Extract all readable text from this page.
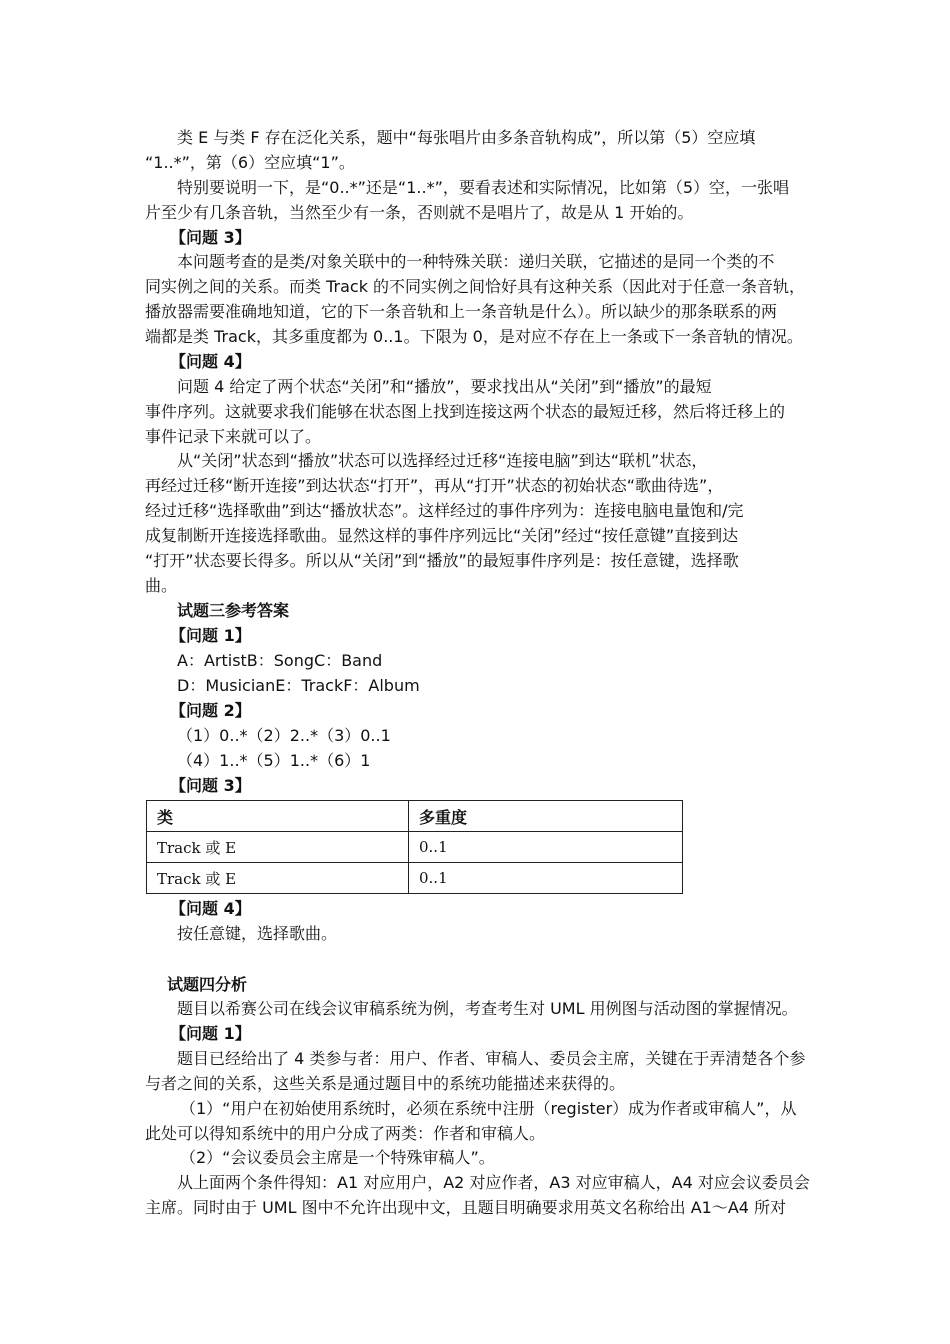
类 E 与类 F 存在泛化关系，题中“每张唱片由多条音轨构成”，所以第（5）空应填
“1..*”，第（6）空应填“1”。
特别要说明一下，是“0..*”还是“1..*”，要看表述和实际情况，比如第（5）空，一张唱
片至少有几条音轨，当然至少有一条，否则就不是唱片了，故是从 1 开始的。
【问题 3】
本问题考查的是类/对象关联中的一种特殊关联：递归关联，它描述的是同一个类的不
同实例之间的关系。而类 Track 的不同实例之间恰好具有这种关系（因此对于任意一条音轨，
播放器需要准确地知道，它的下一条音轨和上一条音轨是什么）。所以缺少的那条联系的两
端都是类 Track，其多重度都为 0..1。下限为 0，是对应不存在上一条或下一条音轨的情况。
【问题 4】
问题 4 给定了两个状态“关闭”和“播放”，要求找出从“关闭”到“播放”的最短
事件序列。这就要求我们能够在状态图上找到连接这两个状态的最短迁移，然后将迁移上的
事件记录下来就可以了。
从“关闭”状态到“播放”状态可以选择经过迁移“连接电脑”到达“联机”状态，
再经过迁移“断开连接”到达状态“打开”，再从“打开”状态的初始状态“歌曲待选”，
经过迁移“选择歌曲”到达“播放状态”。这样经过的事件序列为：连接电脑电量饱和/完
成复制断开连接选择歌曲。显然这样的事件序列远比“关闭”经过“按任意键”直接到达
“打开”状态要长得多。所以从“关闭”到“播放”的最短事件序列是：按任意键，选择歌
曲。
试题三参考答案
【问题 1】
A：ArtistB：SongC：Band
D：MusicianE：TrackF：Album
【问题 2】
（1）0..*（2）2..*（3）0..1
（4）1..*（5）1..*（6）1
【问题 3】
类	多重度
Track 或 E	0..1
Track 或 E	0..1
【问题 4】
按任意键，选择歌曲。
试题四分析
题目以希赛公司在线会议审稿系统为例，考查考生对 UML 用例图与活动图的掌握情况。
【问题 1】
题目已经给出了 4 类参与者：用户、作者、审稿人、委员会主席，关键在于弄清楚各个参
与者之间的关系，这些关系是通过题目中的系统功能描述来获得的。
（1）“用户在初始使用系统时，必须在系统中注册（register）成为作者或审稿人”，从
此处可以得知系统中的用户分成了两类：作者和审稿人。
（2）“会议委员会主席是一个特殊审稿人”。
从上面两个条件得知：A1 对应用户，A2 对应作者，A3 对应审稿人，A4 对应会议委员会
主席。同时由于 UML 图中不允许出现中文，且题目明确要求用英文名称给出 A1～A4 所对
